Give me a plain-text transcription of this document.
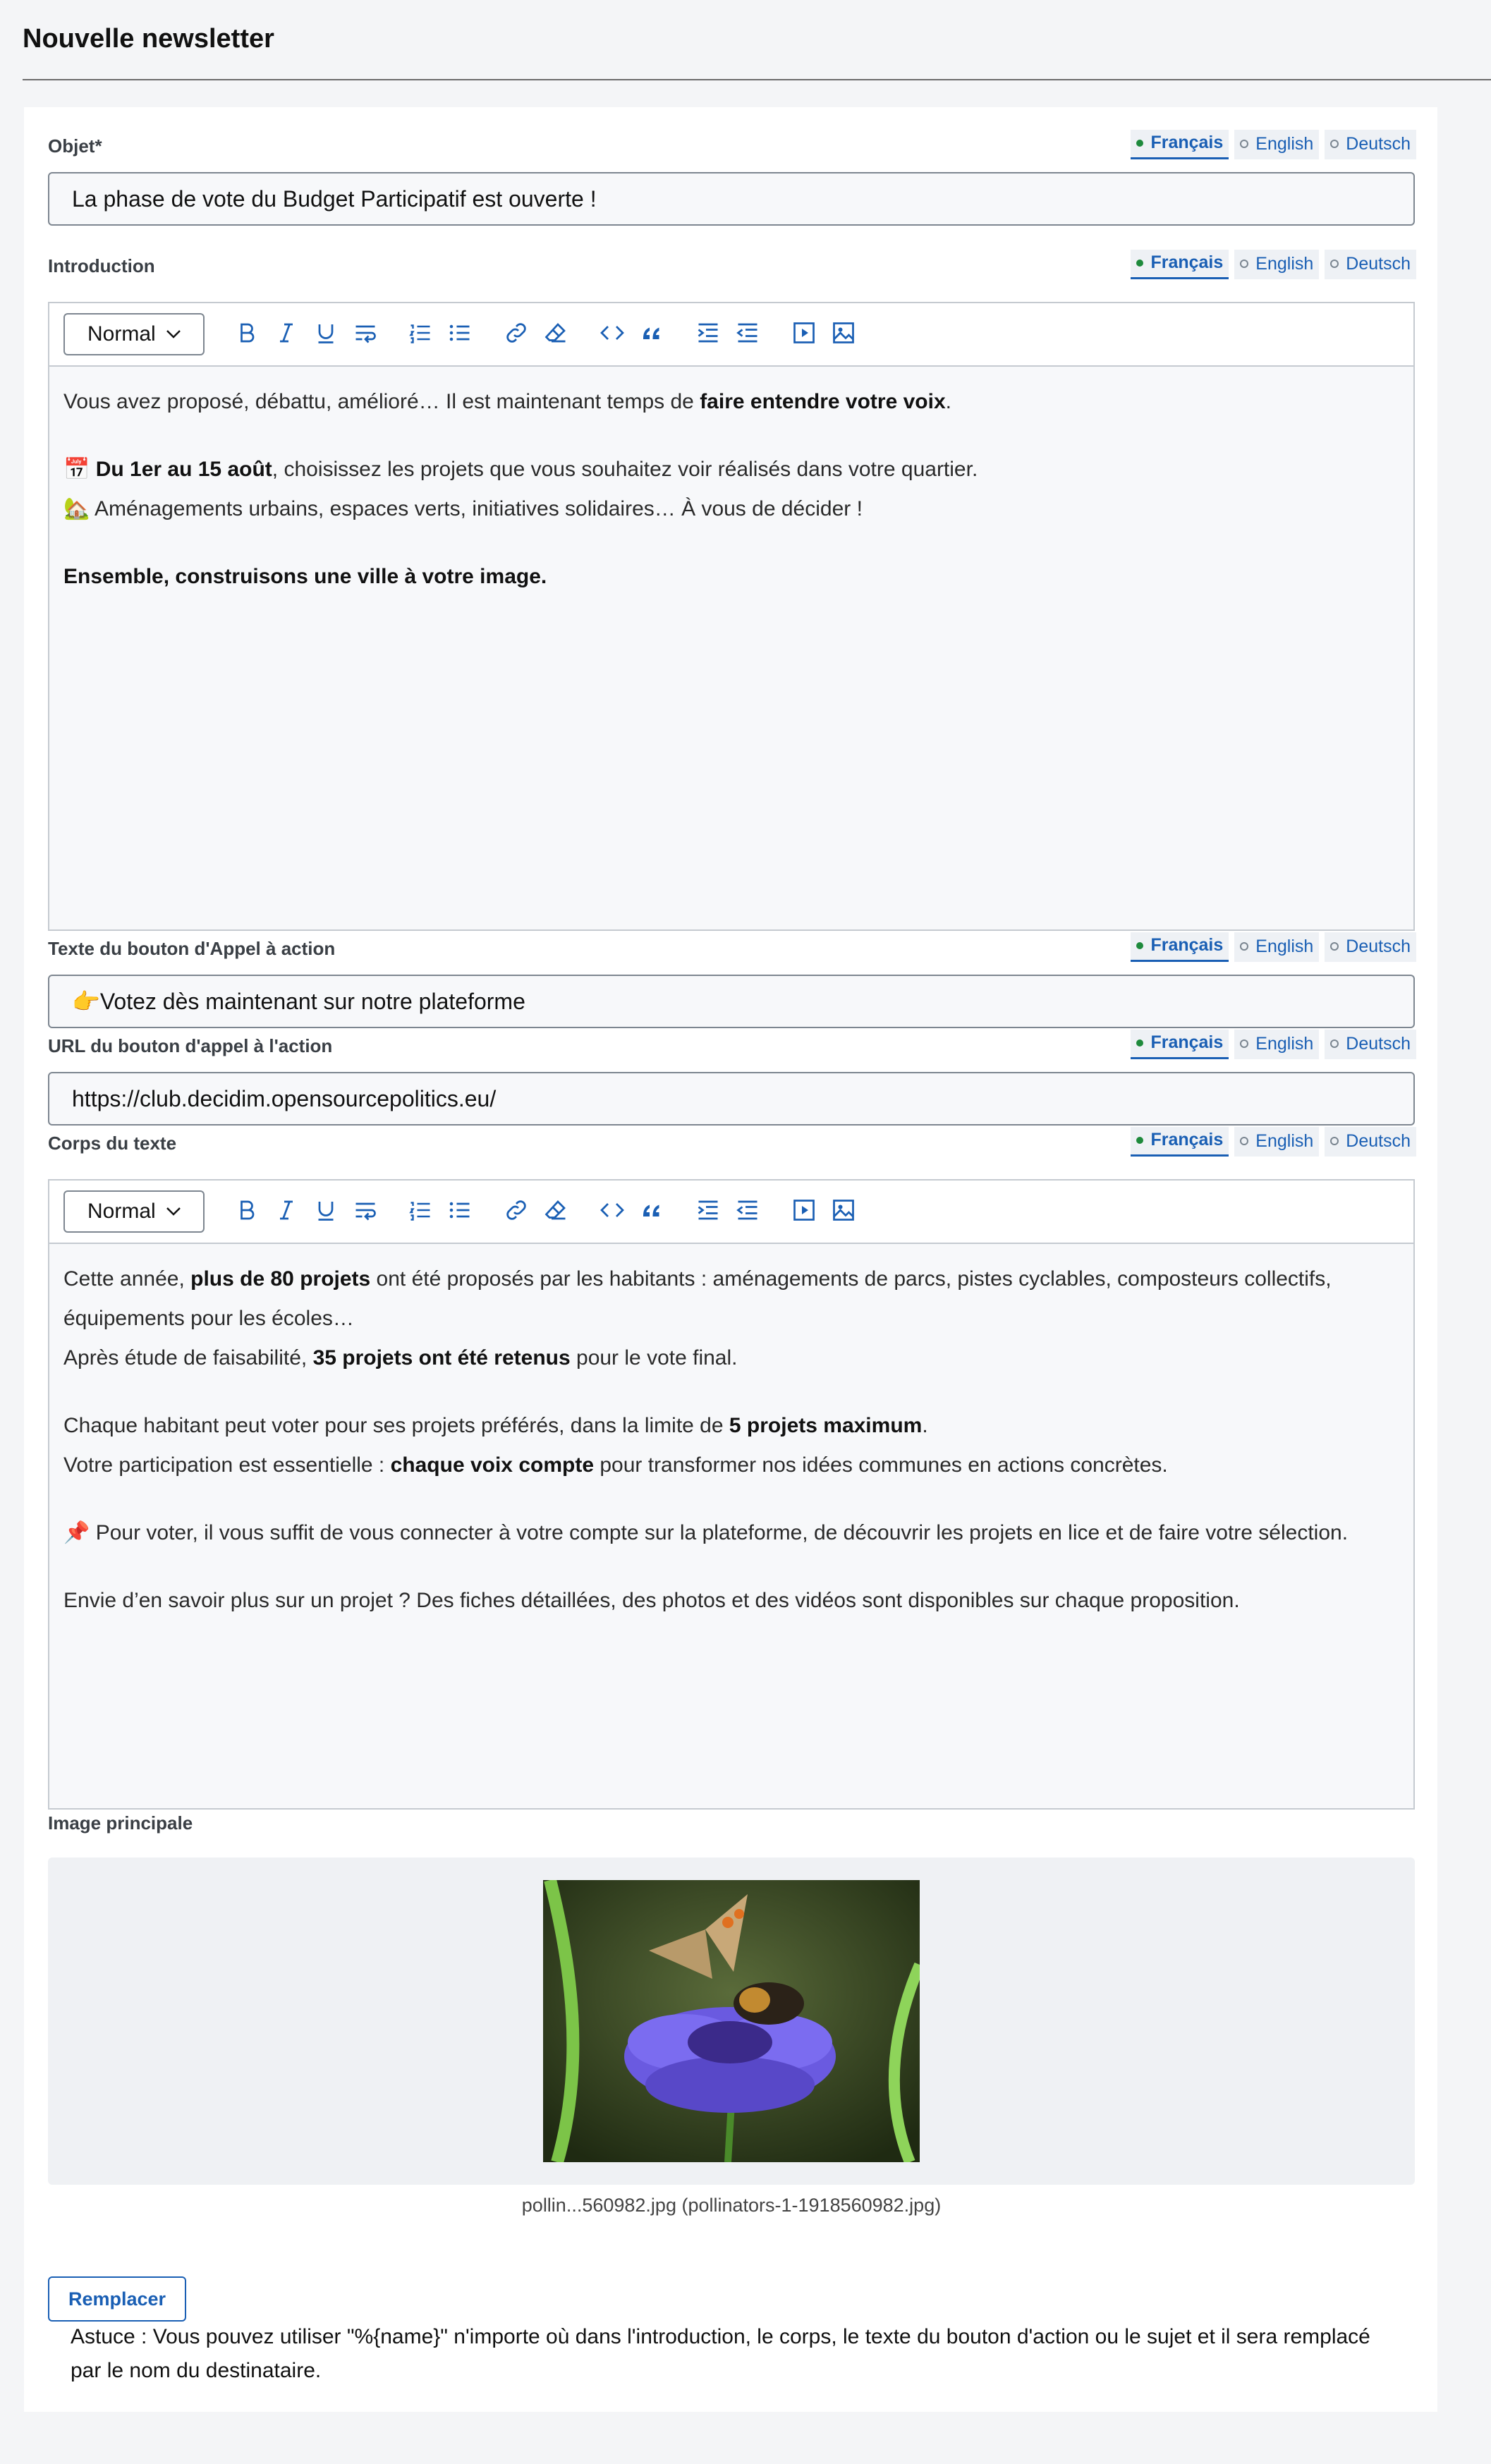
Nouvelle newsletter
Objet*	Français English Deutsch
La phase de vote du Budget Participatif est ouverte !
Introduction	Français English Deutsch
Normal

Vous avez proposé, débattu, amélioré… Il est maintenant temps de faire entendre votre voix.

📅 Du 1er au 15 août, choisissez les projets que vous souhaitez voir réalisés dans votre quartier.

🏡 Aménagements urbains, espaces verts, initiatives solidaires… À vous de décider !

Ensemble, construisons une ville à votre image.

Texte du bouton d'Appel à action	Français English Deutsch
👉 Votez dès maintenant sur notre plateforme
URL du bouton d'appel à l'action	Français English Deutsch
https://club.decidim.opensourcepolitics.eu/
Corps du texte	Français English Deutsch
Normal

Cette année, plus de 80 projets ont été proposés par les habitants : aménagements de parcs, pistes cyclables, composteurs collectifs,

équipements pour les écoles…

Après étude de faisabilité, 35 projets ont été retenus pour le vote final.

Chaque habitant peut voter pour ses projets préférés, dans la limite de 5 projets maximum.

Votre participation est essentielle : chaque voix compte pour transformer nos idées communes en actions concrètes.

📌 Pour voter, il vous suffit de vous connecter à votre compte sur la plateforme, de découvrir les projets en lice et de faire votre sélection.

Envie d’en savoir plus sur un projet ? Des fiches détaillées, des photos et des vidéos sont disponibles sur chaque proposition.

Image principale
pollin...560982.jpg (pollinators-1-1918560982.jpg)
Remplacer
Astuce : Vous pouvez utiliser "%{name}" n'importe où dans l'introduction, le corps, le texte du bouton d'action ou le sujet et il sera remplacé
par le nom du destinataire.
